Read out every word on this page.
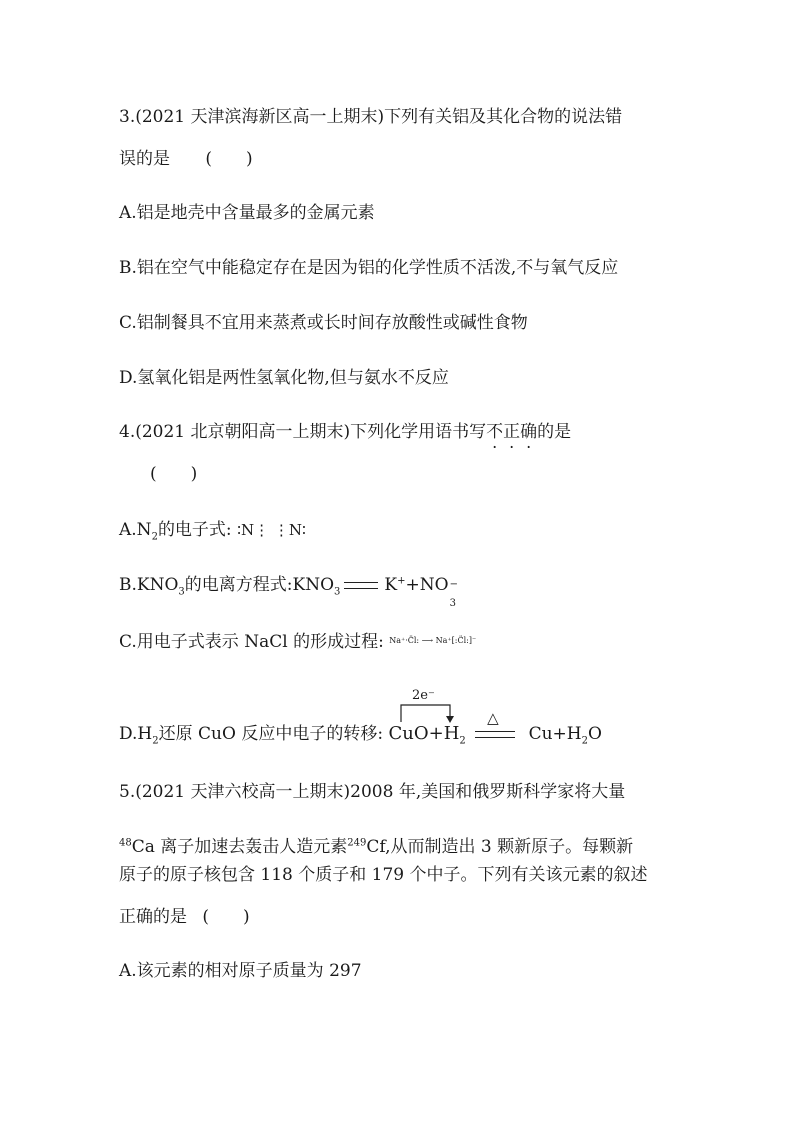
3.(2021 天津滨海新区高一上期末)下列有关铝及其化合物的说法错
误的是 (　　)
A.铝是地壳中含量最多的金属元素
B.铝在空气中能稳定存在是因为铝的化学性质不活泼,不与氧气反应
C.铝制餐具不宜用来蒸煮或长时间存放酸性或碱性食物
D.氢氧化铝是两性氢氧化物,但与氨水不反应
4.(2021 北京朝阳高一上期末)下列化学用语书写不正确的是
(　　)
$A.N_2$的电子式: ∶N⋮ ⋮N∶
$B.KNO_3$的电离方程式$:KNO_3$	K++NO −
3
C.用电子式表示 NaCl 的形成过程: $^{Na^+\cdot C̈l: ⟶ Na^+[:C̈l:]^-}$
2e⁻
$D.H_2$还原 CuO 反应中电子的转移: $CuO+H_2$
△
$Cu+H_2O$
5.(2021 天津六校高一上期末)2008 年,美国和俄罗斯科学家将大量
$^{48}$Ca 离子加速去轰击人造元素$^{249}$Cf,从而制造出 3 颗新原子。每颗新
原子的原子核包含 118 个质子和 179 个中子。下列有关该元素的叙述
正确的是 (　　)
A.该元素的相对原子质量为 297
